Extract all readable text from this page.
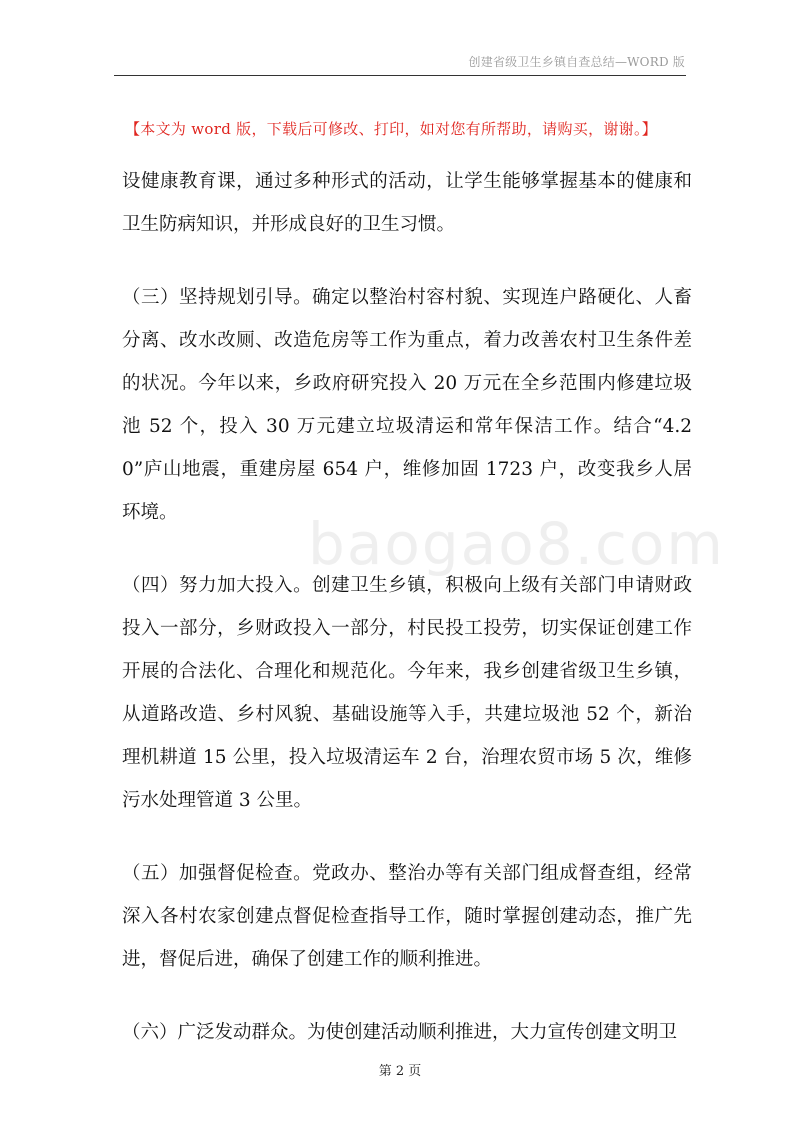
创建省级卫生乡镇自查总结—WORD 版
【本文为 word 版，下载后可修改、打印，如对您有所帮助，请购买，谢谢。】
baogao8.com

设健康教育课，通过多种形式的活动，让学生能够掌握基本的健康和卫生防病知识，并形成良好的卫生习惯。

（三）坚持规划引导。确定以整治村容村貌、实现连户路硬化、人畜分离、改水改厕、改造危房等工作为重点，着力改善农村卫生条件差的状况。今年以来，乡政府研究投入 20 万元在全乡范围内修建垃圾池 52 个，投入 30 万元建立垃圾清运和常年保洁工作。结合“4.20”庐山地震，重建房屋 654 户，维修加固 1723 户，改变我乡人居环境。

（四）努力加大投入。创建卫生乡镇，积极向上级有关部门申请财政投入一部分，乡财政投入一部分，村民投工投劳，切实保证创建工作开展的合法化、合理化和规范化。今年来，我乡创建省级卫生乡镇，从道路改造、乡村风貌、基础设施等入手，共建垃圾池 52 个，新治理机耕道 15 公里，投入垃圾清运车 2 台，治理农贸市场 5 次，维修污水处理管道 3 公里。

（五）加强督促检查。党政办、整治办等有关部门组成督查组，经常深入各村农家创建点督促检查指导工作，随时掌握创建动态，推广先进，督促后进，确保了创建工作的顺利推进。

（六）广泛发动群众。为使创建活动顺利推进，大力宣传创建文明卫

第 2 页
